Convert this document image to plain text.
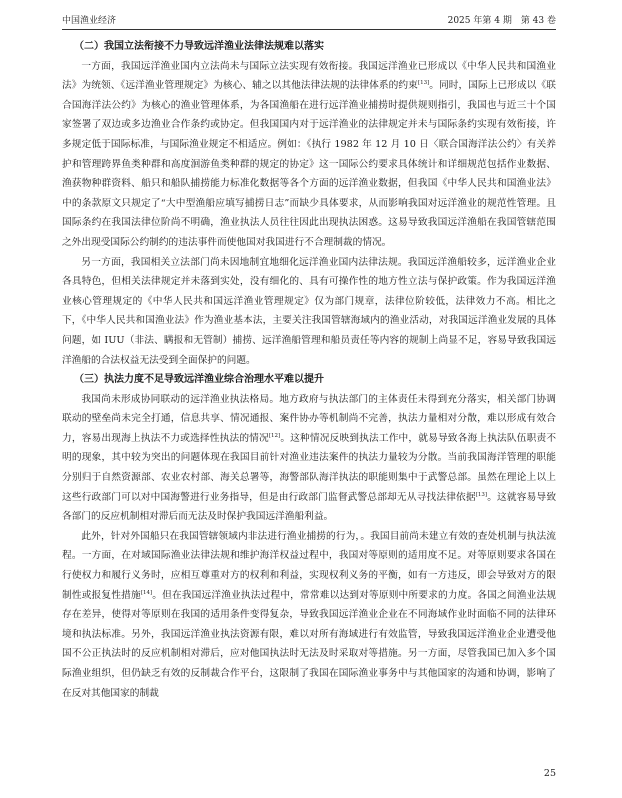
中国渔业经济	2025 年第 4 期　第 43 卷
（二）我国立法衔接不力导致远洋渔业法律法规难以落实

一方面，我国远洋渔业国内立法尚未与国际立法实现有效衔接。我国远洋渔业已形成以《中华人民共和国渔业法》为统领、《远洋渔业管理规定》为核心、辅之以其他法律法规的法律体系的约束[13]。同时，国际上已形成以《联合国海洋法公约》为核心的渔业管理体系，为各国渔船在进行远洋渔业捕捞时提供规则指引，我国也与近三十个国家签署了双边或多边渔业合作条约或协定。但我国国内对于远洋渔业的法律规定并未与国际条约实现有效衔接，许多规定低于国际标准，与国际渔业规定不相适应。例如：《执行 1982 年 12 月 10 日〈联合国海洋法公约〉有关养护和管理跨界鱼类种群和高度洄游鱼类种群的规定的协定》这一国际公约要求具体统计和详细规范包括作业数据、渔获物种群资料、船只和船队捕捞能力标准化数据等各个方面的远洋渔业数据，但我国《中华人民共和国渔业法》中的条款原文只规定了“大中型渔船应填写捕捞日志”而缺少具体要求，从而影响我国对远洋渔业的规范性管理。且国际条约在我国法律位阶尚不明确，渔业执法人员往往因此出现执法困惑。这易导致我国远洋渔船在我国管辖范围之外出现受国际公约制约的违法事件而使他国对我国进行不合理制裁的情况。

另一方面，我国相关立法部门尚未因地制宜地细化远洋渔业国内法律法规。我国远洋渔船较多，远洋渔业企业各具特色，但相关法律规定并未落到实处，没有细化的、具有可操作性的地方性立法与保护政策。作为我国远洋渔业核心管理规定的《中华人民共和国远洋渔业管理规定》仅为部门规章，法律位阶较低，法律效力不高。相比之下，《中华人民共和国渔业法》作为渔业基本法，主要关注我国管辖海域内的渔业活动，对我国远洋渔业发展的具体问题，如 IUU（非法、瞒报和无管制）捕捞、远洋渔船管理和船员责任等内容的规制上尚显不足，容易导致我国远洋渔船的合法权益无法受到全面保护的问题。

（三）执法力度不足导致远洋渔业综合治理水平难以提升

我国尚未形成协同联动的远洋渔业执法格局。地方政府与执法部门的主体责任未得到充分落实，相关部门协调联动的壁垒尚未完全打通，信息共享、情况通报、案件协办等机制尚不完善，执法力量相对分散，难以形成有效合力，容易出现海上执法不力或选择性执法的情况[12]。这种情况反映到执法工作中，就易导致各海上执法队伍职责不明的现象，其中较为突出的问题体现在我国目前针对渔业违法案件的执法力量较为分散。当前我国海洋管理的职能分别归于自然资源部、农业农村部、海关总署等，海警部队海洋执法的职能则集中于武警总部。虽然在理论上以上这些行政部门可以对中国海警进行业务指导，但是由行政部门监督武警总部却无从寻找法律依据[13]。这就容易导致各部门的反应机制相对滞后而无法及时保护我国远洋渔船利益。

此外，针对外国船只在我国管辖领域内非法进行渔业捕捞的行为，。我国目前尚未建立有效的查处机制与执法流程。一方面，在对域国际渔业法律法规和维护海洋权益过程中，我国对等原则的适用度不足。对等原则要求各国在行使权力和履行义务时，应相互尊重对方的权利和利益，实现权利义务的平衡，如有一方违反，即会导致对方的限制性或报复性措施[14]。但在我国远洋渔业执法过程中，常常难以达到对等原则中所要求的力度。各国之间渔业法规存在差异，使得对等原则在我国的适用条件变得复杂，导致我国远洋渔业企业在不同海域作业时面临不同的法律环境和执法标准。另外，我国远洋渔业执法资源有限，难以对所有海域进行有效监管，导致我国远洋渔业企业遭受他国不公正执法时的反应机制相对滞后，应对他国执法时无法及时采取对等措施。另一方面，尽管我国已加入多个国际渔业组织，但仍缺乏有效的反制裁合作平台，这限制了我国在国际渔业事务中与其他国家的沟通和协调，影响了在反对其他国家的制裁

25
